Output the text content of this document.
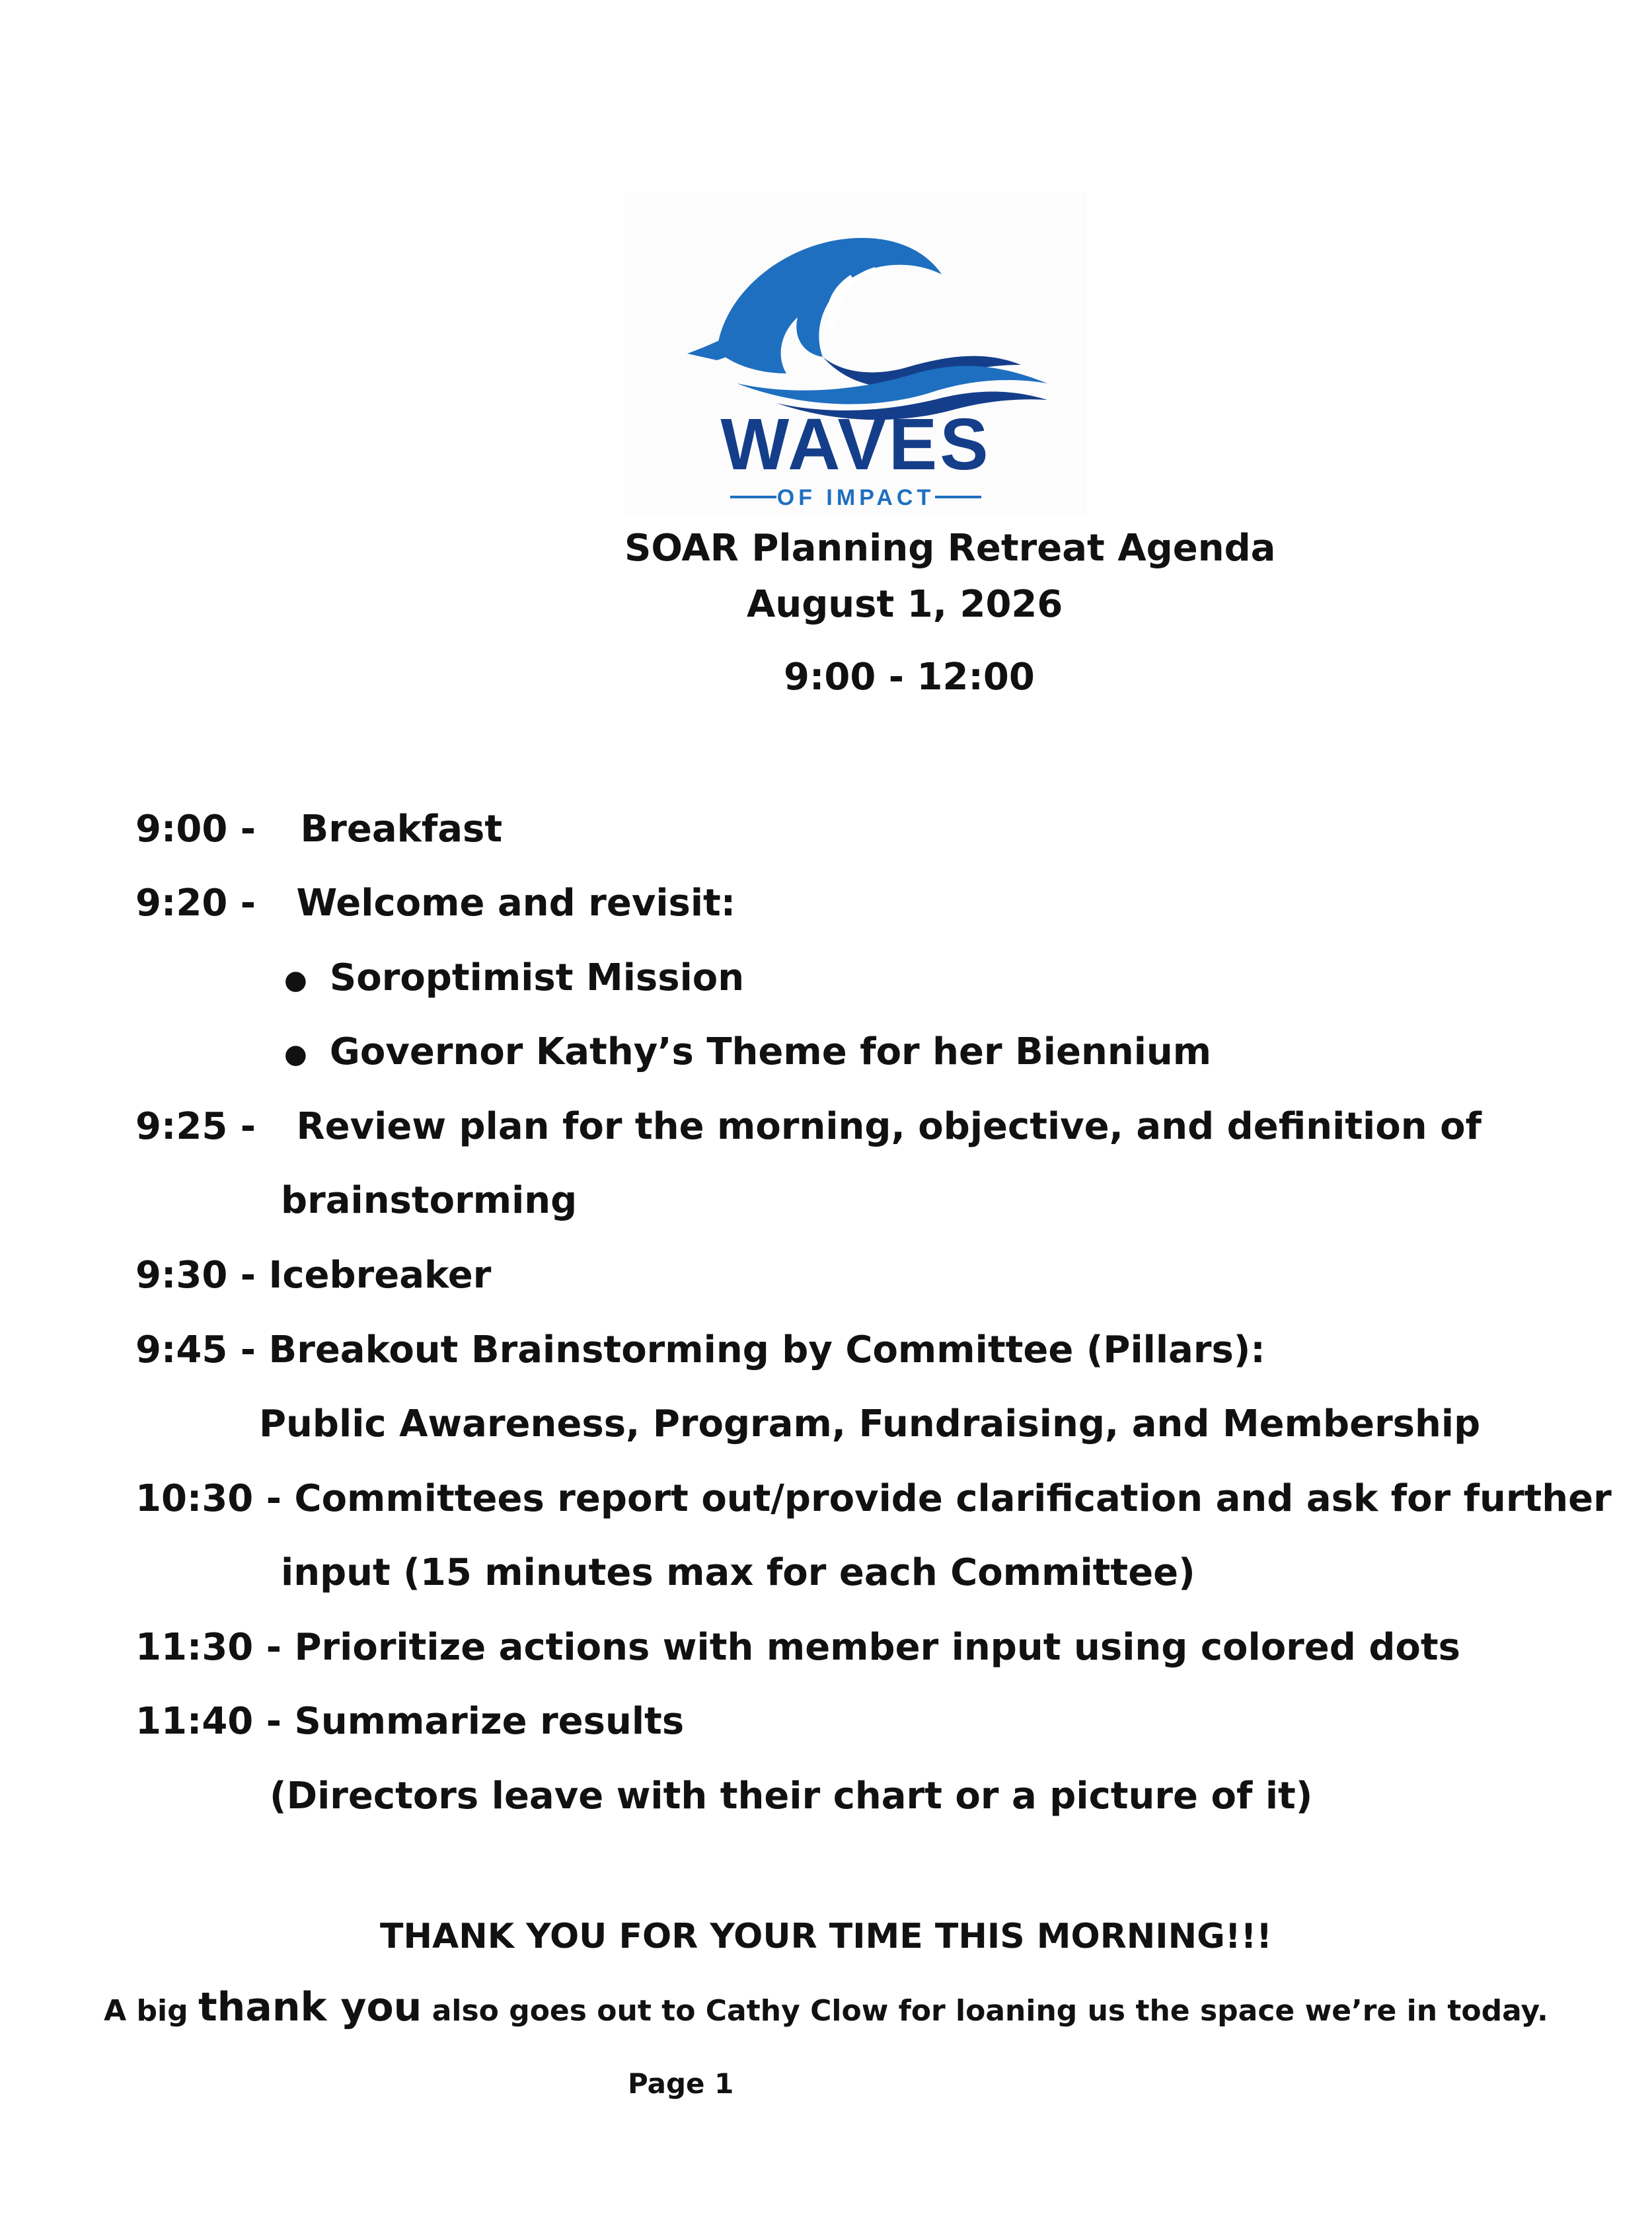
WAVES
OF IMPACT
SOAR Planning Retreat Agenda
August 1, 2026
9:00 - 12:00
9:00 - Breakfast
9:20 - Welcome and revisit:
● Soroptimist Mission
● Governor Kathy’s Theme for her Biennium
9:25 - Review plan for the morning, objective, and definition of
brainstorming
9:30 - Icebreaker
9:45 - Breakout Brainstorming by Committee (Pillars):
Public Awareness, Program, Fundraising, and Membership
10:30 - Committees report out/provide clarification and ask for further
input (15 minutes max for each Committee)
11:30 - Prioritize actions with member input using colored dots
11:40 - Summarize results
(Directors leave with their chart or a picture of it)
THANK YOU FOR YOUR TIME THIS MORNING!!!
A big thank you also goes out to Cathy Clow for loaning us the space we’re in today.
Page 1
